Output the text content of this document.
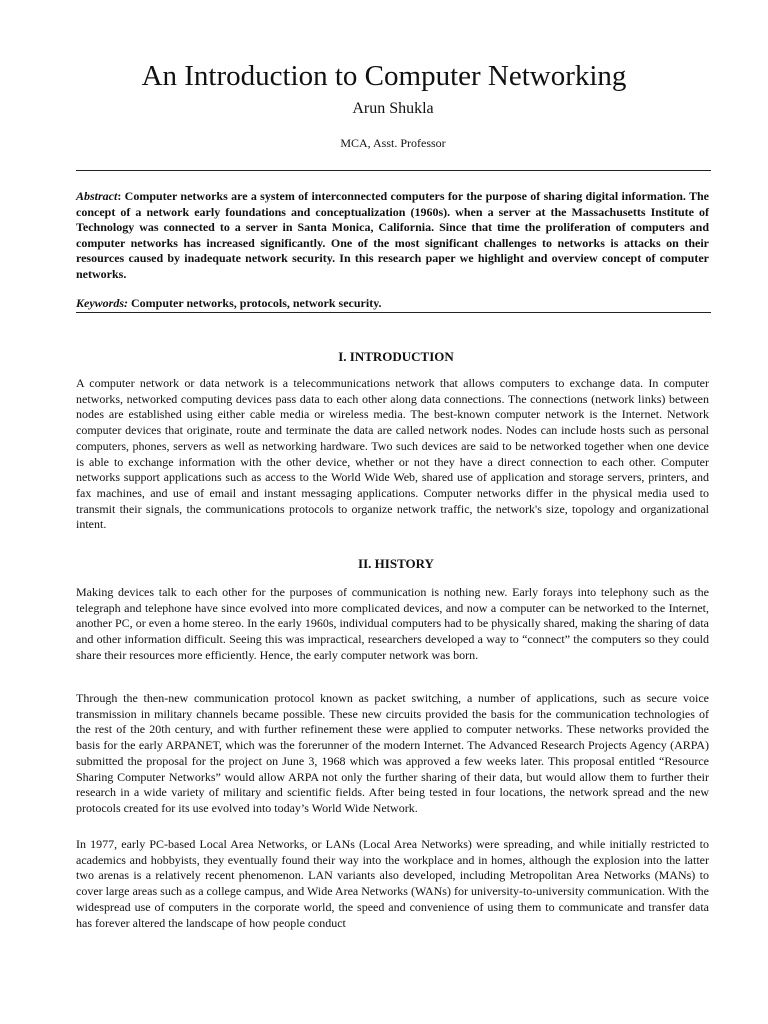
An Introduction to Computer Networking
Arun Shukla
MCA, Asst. Professor
Abstract: Computer networks are a system of interconnected computers for the purpose of sharing digital information. The concept of a network early foundations and conceptualization (1960s). when a server at the Massachusetts Institute of Technology was connected to a server in Santa Monica, California. Since that time the proliferation of computers and computer networks has increased significantly. One of the most significant challenges to networks is attacks on their resources caused by inadequate network security. In this research paper we highlight and overview concept of computer networks.
Keywords: Computer networks, protocols, network security.
I. INTRODUCTION

A computer network or data network is a telecommunications network that allows computers to exchange data. In computer networks, networked computing devices pass data to each other along data connections. The connections (network links) between nodes are established using either cable media or wireless media. The best-known computer network is the Internet. Network computer devices that originate, route and terminate the data are called network nodes. Nodes can include hosts such as personal computers, phones, servers as well as networking hardware. Two such devices are said to be networked together when one device is able to exchange information with the other device, whether or not they have a direct connection to each other. Computer networks support applications such as access to the World Wide Web, shared use of application and storage servers, printers, and fax machines, and use of email and instant messaging applications. Computer networks differ in the physical media used to transmit their signals, the communications protocols to organize network traffic, the network's size, topology and organizational intent.

II. HISTORY

Making devices talk to each other for the purposes of communication is nothing new. Early forays into telephony such as the telegraph and telephone have since evolved into more complicated devices, and now a computer can be networked to the Internet, another PC, or even a home stereo. In the early 1960s, individual computers had to be physically shared, making the sharing of data and other information difficult. Seeing this was impractical, researchers developed a way to “connect” the computers so they could share their resources more efficiently. Hence, the early computer network was born.

Through the then-new communication protocol known as packet switching, a number of applications, such as secure voice transmission in military channels became possible. These new circuits provided the basis for the communication technologies of the rest of the 20th century, and with further refinement these were applied to computer networks. These networks provided the basis for the early ARPANET, which was the forerunner of the modern Internet. The Advanced Research Projects Agency (ARPA) submitted the proposal for the project on June 3, 1968 which was approved a few weeks later. This proposal entitled “Resource Sharing Computer Networks” would allow ARPA not only the further sharing of their data, but would allow them to further their research in a wide variety of military and scientific fields. After being tested in four locations, the network spread and the new protocols created for its use evolved into today’s World Wide Network.

In 1977, early PC-based Local Area Networks, or LANs (Local Area Networks) were spreading, and while initially restricted to academics and hobbyists, they eventually found their way into the workplace and in homes, although the explosion into the latter two arenas is a relatively recent phenomenon. LAN variants also developed, including Metropolitan Area Networks (MANs) to cover large areas such as a college campus, and Wide Area Networks (WANs) for university-to-university communication. With the widespread use of computers in the corporate world, the speed and convenience of using them to communicate and transfer data has forever altered the landscape of how people conduct
